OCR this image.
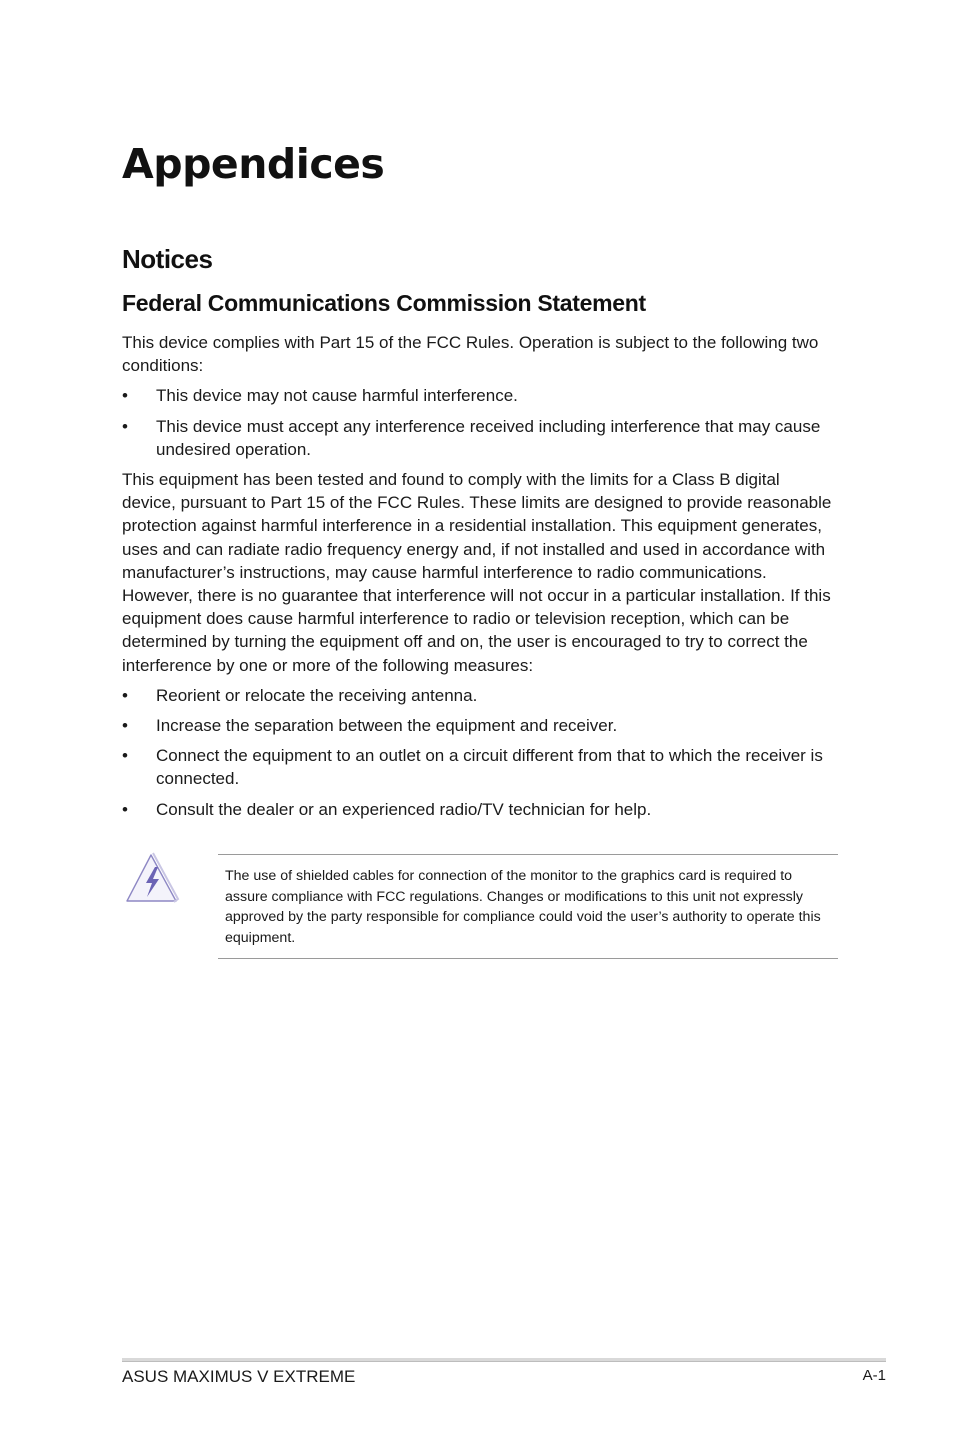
Appendices
Notices
Federal Communications Commission Statement

This device complies with Part 15 of the FCC Rules. Operation is subject to the following two conditions:

• This device may not cause harmful interference.
• This device must accept any interference received including interference that may cause undesired operation.

This equipment has been tested and found to comply with the limits for a Class B digital device, pursuant to Part 15 of the FCC Rules. These limits are designed to provide reasonable protection against harmful interference in a residential installation. This equipment generates, uses and can radiate radio frequency energy and, if not installed and used in accordance with manufacturer’s instructions, may cause harmful interference to radio communications. However, there is no guarantee that interference will not occur in a particular installation. If this equipment does cause harmful interference to radio or television reception, which can be determined by turning the equipment off and on, the user is encouraged to try to correct the interference by one or more of the following measures:

• Reorient or relocate the receiving antenna.
• Increase the separation between the equipment and receiver.
• Connect the equipment to an outlet on a circuit different from that to which the receiver is connected.
• Consult the dealer or an experienced radio/TV technician for help.
The use of shielded cables for connection of the monitor to the graphics card is required to assure compliance with FCC regulations. Changes or modifications to this unit not expressly approved by the party responsible for compliance could void the user’s authority to operate this equipment.
ASUS MAXIMUS V EXTREME	A-1
